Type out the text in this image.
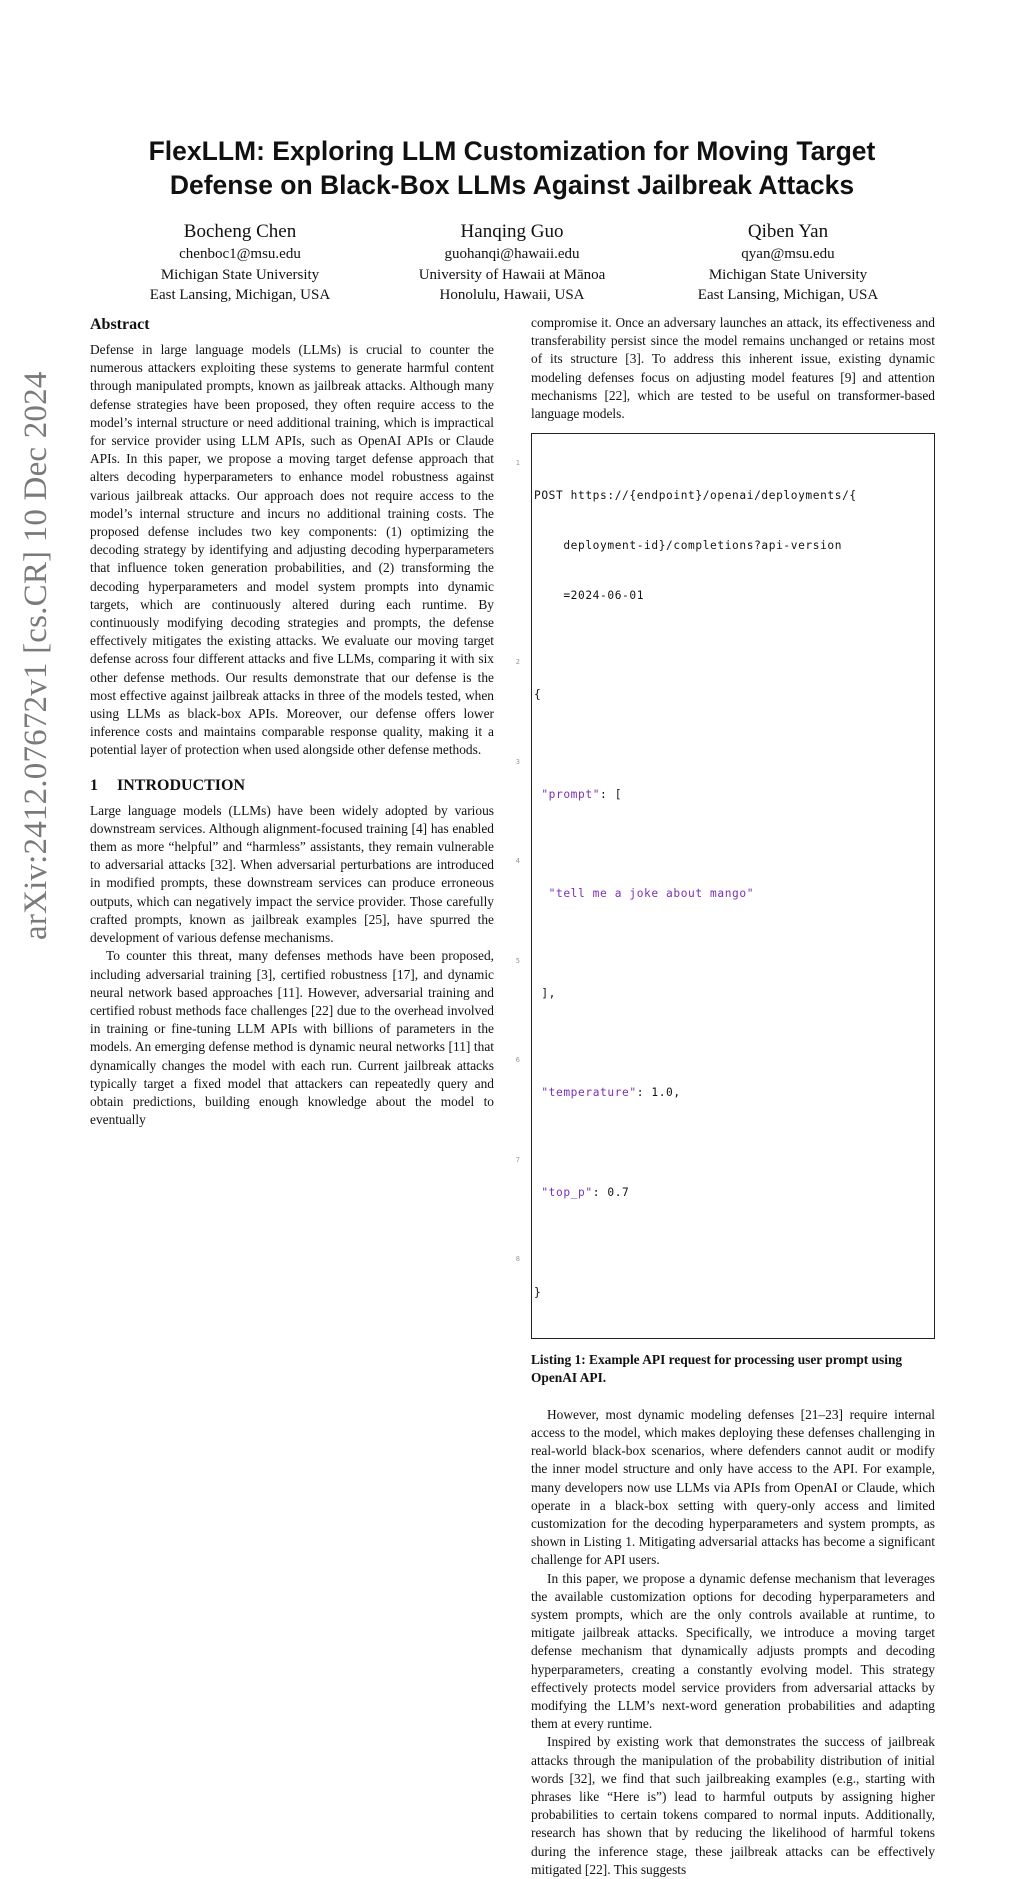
arXiv:2412.07672v1 [cs.CR] 10 Dec 2024
FlexLLM: Exploring LLM Customization for Moving Target
Defense on Black-Box LLMs Against Jailbreak Attacks
Bocheng Chen
chenboc1@msu.edu
Michigan State University
East Lansing, Michigan, USA
Hanqing Guo
guohanqi@hawaii.edu
University of Hawaii at Mānoa
Honolulu, Hawaii, USA
Qiben Yan
qyan@msu.edu
Michigan State University
East Lansing, Michigan, USA
Abstract

Defense in large language models (LLMs) is crucial to counter the numerous attackers exploiting these systems to generate harmful content through manipulated prompts, known as jailbreak attacks. Although many defense strategies have been proposed, they often require access to the model’s internal structure or need additional training, which is impractical for service provider using LLM APIs, such as OpenAI APIs or Claude APIs. In this paper, we propose a moving target defense approach that alters decoding hyperparameters to enhance model robustness against various jailbreak attacks. Our approach does not require access to the model’s internal structure and incurs no additional training costs. The proposed defense includes two key components: (1) optimizing the decoding strategy by identifying and adjusting decoding hyperparameters that influence token generation probabilities, and (2) transforming the decoding hyperparameters and model system prompts into dynamic targets, which are continuously altered during each runtime. By continuously modifying decoding strategies and prompts, the defense effectively mitigates the existing attacks. We evaluate our moving target defense across four different attacks and five LLMs, comparing it with six other defense methods. Our results demonstrate that our defense is the most effective against jailbreak attacks in three of the models tested, when using LLMs as black-box APIs. Moreover, our defense offers lower inference costs and maintains comparable response quality, making it a potential layer of protection when used alongside other defense methods.

1 INTRODUCTION

Large language models (LLMs) have been widely adopted by various downstream services. Although alignment-focused training [4] has enabled them as more “helpful” and “harmless” assistants, they remain vulnerable to adversarial attacks [32]. When adversarial perturbations are introduced in modified prompts, these downstream services can produce erroneous outputs, which can negatively impact the service provider. Those carefully crafted prompts, known as jailbreak examples [25], have spurred the development of various defense mechanisms.

To counter this threat, many defenses methods have been proposed, including adversarial training [3], certified robustness [17], and dynamic neural network based approaches [11]. However, adversarial training and certified robust methods face challenges [22] due to the overhead involved in training or fine-tuning LLM APIs with billions of parameters in the models. An emerging defense method is dynamic neural networks [11] that dynamically changes the model with each run. Current jailbreak attacks typically target a fixed model that attackers can repeatedly query and obtain predictions, building enough knowledge about the model to eventually

compromise it. Once an adversary launches an attack, its effectiveness and transferability persist since the model remains unchanged or retains most of its structure [3]. To address this inherent issue, existing dynamic modeling defenses focus on adjusting model features [9] and attention mechanisms [22], which are tested to be useful on transformer-based language models.

1

POST https://{endpoint}/openai/deployments/{

deployment-id}/completions?api-version

=2024-06-01

2

{

3

"prompt": [

4

"tell me a joke about mango"

5

],

6

"temperature": 1.0,

7

"top_p": 0.7

8

}

Listing 1: Example API request for processing user prompt using OpenAI API.

However, most dynamic modeling defenses [21–23] require internal access to the model, which makes deploying these defenses challenging in real-world black-box scenarios, where defenders cannot audit or modify the inner model structure and only have access to the API. For example, many developers now use LLMs via APIs from OpenAI or Claude, which operate in a black-box setting with query-only access and limited customization for the decoding hyperparameters and system prompts, as shown in Listing 1. Mitigating adversarial attacks has become a significant challenge for API users.

In this paper, we propose a dynamic defense mechanism that leverages the available customization options for decoding hyperparameters and system prompts, which are the only controls available at runtime, to mitigate jailbreak attacks. Specifically, we introduce a moving target defense mechanism that dynamically adjusts prompts and decoding hyperparameters, creating a constantly evolving model. This strategy effectively protects model service providers from adversarial attacks by modifying the LLM’s next-word generation probabilities and adapting them at every runtime.

Inspired by existing work that demonstrates the success of jailbreak attacks through the manipulation of the probability distribution of initial words [32], we find that such jailbreaking examples (e.g., starting with phrases like “Here is”) lead to harmful outputs by assigning higher probabilities to certain tokens compared to normal inputs. Additionally, research has shown that by reducing the likelihood of harmful tokens during the inference stage, these jailbreak attacks can be effectively mitigated [22]. This suggests
